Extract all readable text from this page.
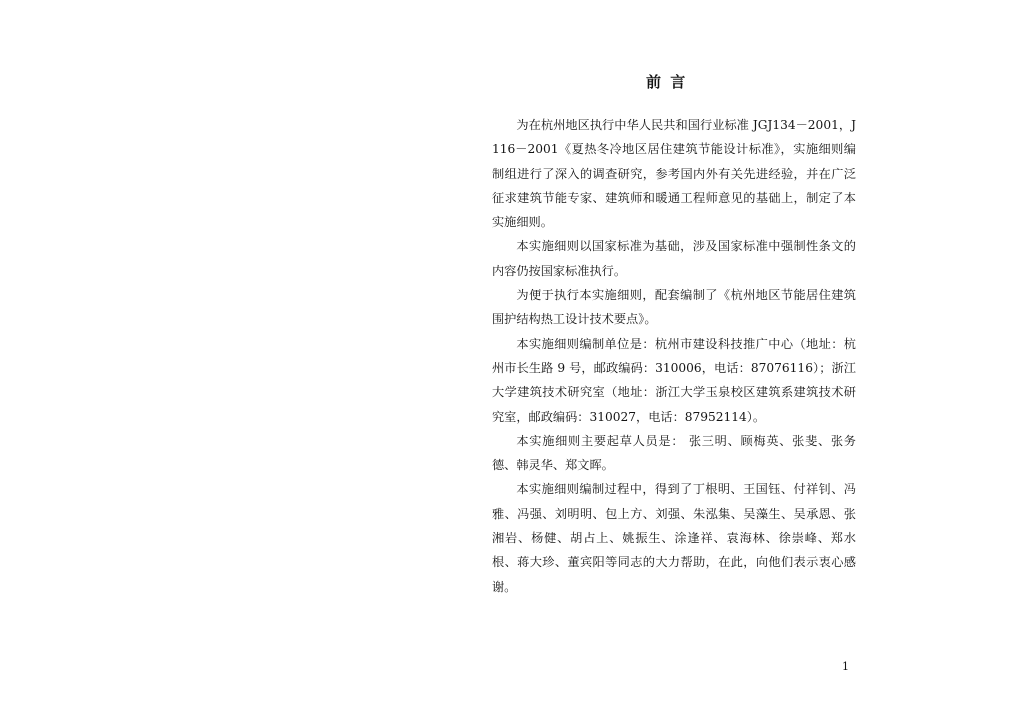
前 言

为在杭州地区执行中华人民共和国行业标准 JGJ134－2001，J116－2001《夏热冬冷地区居住建筑节能设计标准》，实施细则编制组进行了深入的调查研究，参考国内外有关先进经验，并在广泛征求建筑节能专家、建筑师和暖通工程师意见的基础上，制定了本实施细则。

本实施细则以国家标准为基础，涉及国家标准中强制性条文的内容仍按国家标准执行。

为便于执行本实施细则，配套编制了《杭州地区节能居住建筑围护结构热工设计技术要点》。

本实施细则编制单位是：杭州市建设科技推广中心（地址：杭州市长生路 9 号，邮政编码：310006，电话：87076116）；浙江大学建筑技术研究室（地址：浙江大学玉泉校区建筑系建筑技术研究室，邮政编码：310027，电话：87952114）。

本实施细则主要起草人员是： 张三明、顾梅英、张斐、张务德、韩灵华、郑文晖。

本实施细则编制过程中，得到了丁根明、王国钰、付祥钊、冯雅、冯强、刘明明、包上方、刘强、朱泓集、吴藻生、吴承恩、张湘岩、杨健、胡占上、姚振生、涂逢祥、袁海林、徐崇峰、郑水根、蒋大珍、董宾阳等同志的大力帮助，在此，向他们表示衷心感谢。

1
